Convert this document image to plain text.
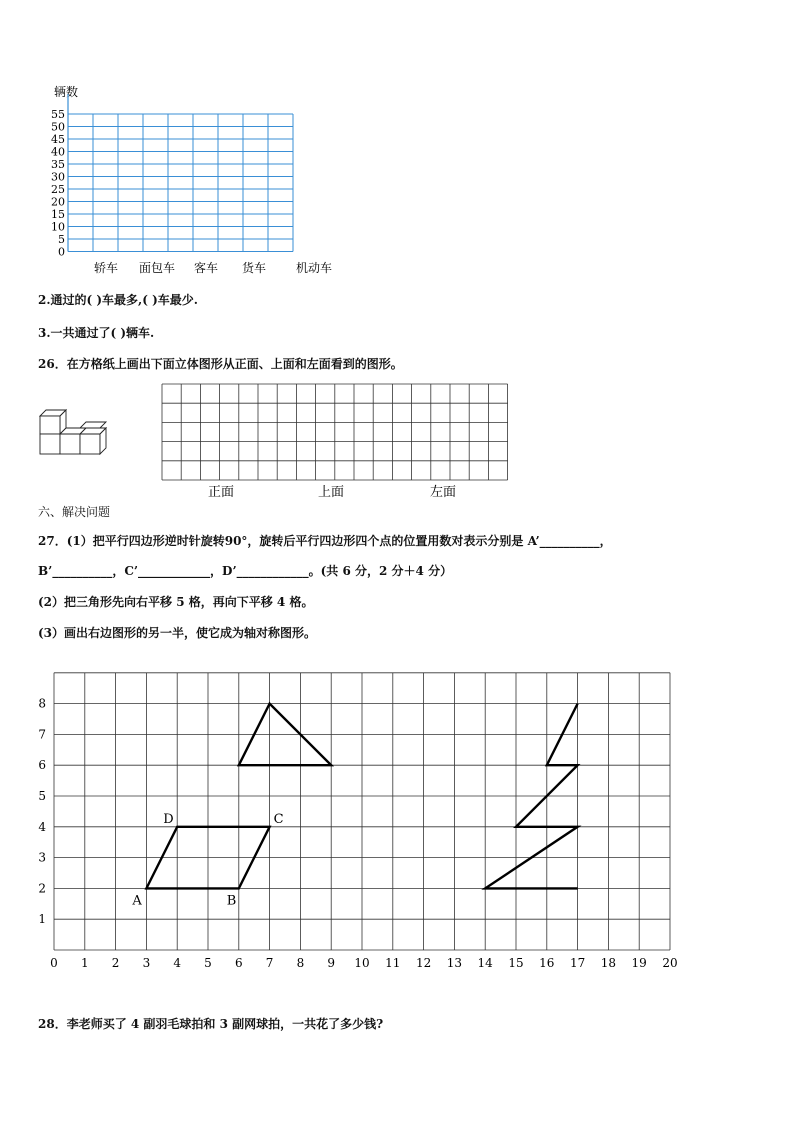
辆数
55
50
45
40
35
30
25
20
15
10
5
0
轿车 面包车 客车 货车 机动车
2.通过的( )车最多,( )车最少.
3.一共通过了( )辆车.
26．在方格纸上画出下面立体图形从正面、上面和左面看到的图形。
正面	上面	左面
六、解决问题
27．(1）把平行四边形逆时针旋转90°，旋转后平行四边形四个点的位置用数对表示分别是 A’__________，
B’__________，C’____________，D’____________。(共 6 分，2 分＋4 分）
(2）把三角形先向右平移 5 格，再向下平移 4 格。
(3）画出右边图形的另一半，使它成为轴对称图形。
0 1 2 3 4 5 6 7 8 9 10 11 12 13 14 15 16 17 18 19 20
1
2
3
4
5
6
7
8
A	B
C
D
28．李老师买了 4 副羽毛球拍和 3 副网球拍，一共花了多少钱?
